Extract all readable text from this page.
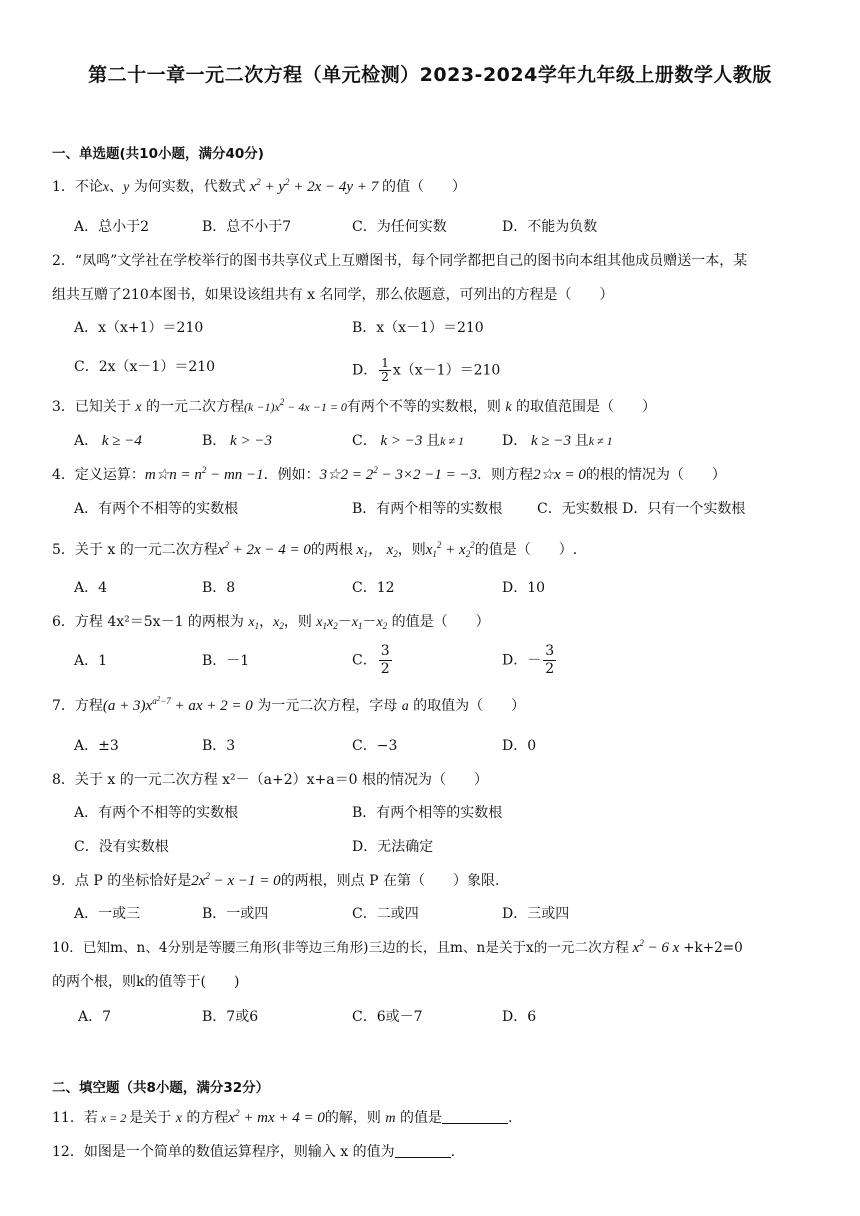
第二十一章一元二次方程（单元检测）2023-2024学年九年级上册数学人教版
一、单选题(共10小题，满分40分)
1．不论x、y 为何实数，代数式 $x^2 + y^2 + 2x - 4y + 7$ 的值（　　）
A．总小于2	B．总不小于7	C．为任何实数	D．不能为负数
2．“凤鸣”文学社在学校举行的图书共享仪式上互赠图书，每个同学都把自己的图书向本组其他成员赠送一本，某
组共互赠了210本图书，如果设该组共有 x 名同学，那么依题意，可列出的方程是（　　）
A．x（x+1）＝210	B．x（x－1）＝210
C．2x（x－1）＝210	D． $\frac{1}{2} x(x-1)=210$
3．已知关于 x 的一元二次方程$(k -1)x^2 - 4x -1 = 0$有两个不等的实数根，则 k 的取值范围是（　　）
A． k ≥ −4	B． k > −3	C． k > −3 且k ≠ 1	D． k ≥ −3 且k ≠ 1
4．定义运算：m☆n = $n^2$ − mn −1．例如：3☆2 = $2^2 - 3\times 2 -1 = -3$．则方程2☆x = 0的根的情况为（　　）
A．有两个不相等的实数根	B．有两个相等的实数根 C．无实数根 D．只有一个实数根
5．关于 x 的一元二次方程$x^2 + 2x - 4 = 0$的两根 $x_1$， $x_2$，则$x_1^2 + x_2^2$的值是（　　）.
A．4	B．8	C．12	D．10
6．方程 4x²＝5x－1 的两根为 $x_1$，$x_2$，则 $x_1x_2-x_1-x_2$ 的值是（　　）
A．1	B．－1	C． $\frac{3}{2}$	D．－ $\frac{3}{2}$
7．方程$(a + 3)x^{a^2-7}$ + ax + 2 = 0 为一元二次方程，字母 a 的取值为（　　）
A．±3	B．3	C．−3	D．0
8．关于 x 的一元二次方程 x²－（a+2）x+a＝0 根的情况为（　　）
A．有两个不相等的实数根	B．有两个相等的实数根
C．没有实数根	D．无法确定
9．点 P 的坐标恰好是$2x^2 - x -1 = 0$的两根，则点 P 在第（　　）象限.
A．一或三	B．一或四	C．二或四	D．三或四
10．已知m、n、4分别是等腰三角形(非等边三角形)三边的长，且m、n是关于x的一元二次方程 $x^2 - 6$ x +k+2=0
的两个根，则k的值等于(　　)
A．7	B．7或6	C．6或－7	D．6
二、填空题（共8小题，满分32分）
11．若 x = 2 是关于 x 的方程$x^2$ + mx + 4 = 0的解，则 m 的值是	.
12．如图是一个简单的数值运算程序，则输入 x 的值为	.
